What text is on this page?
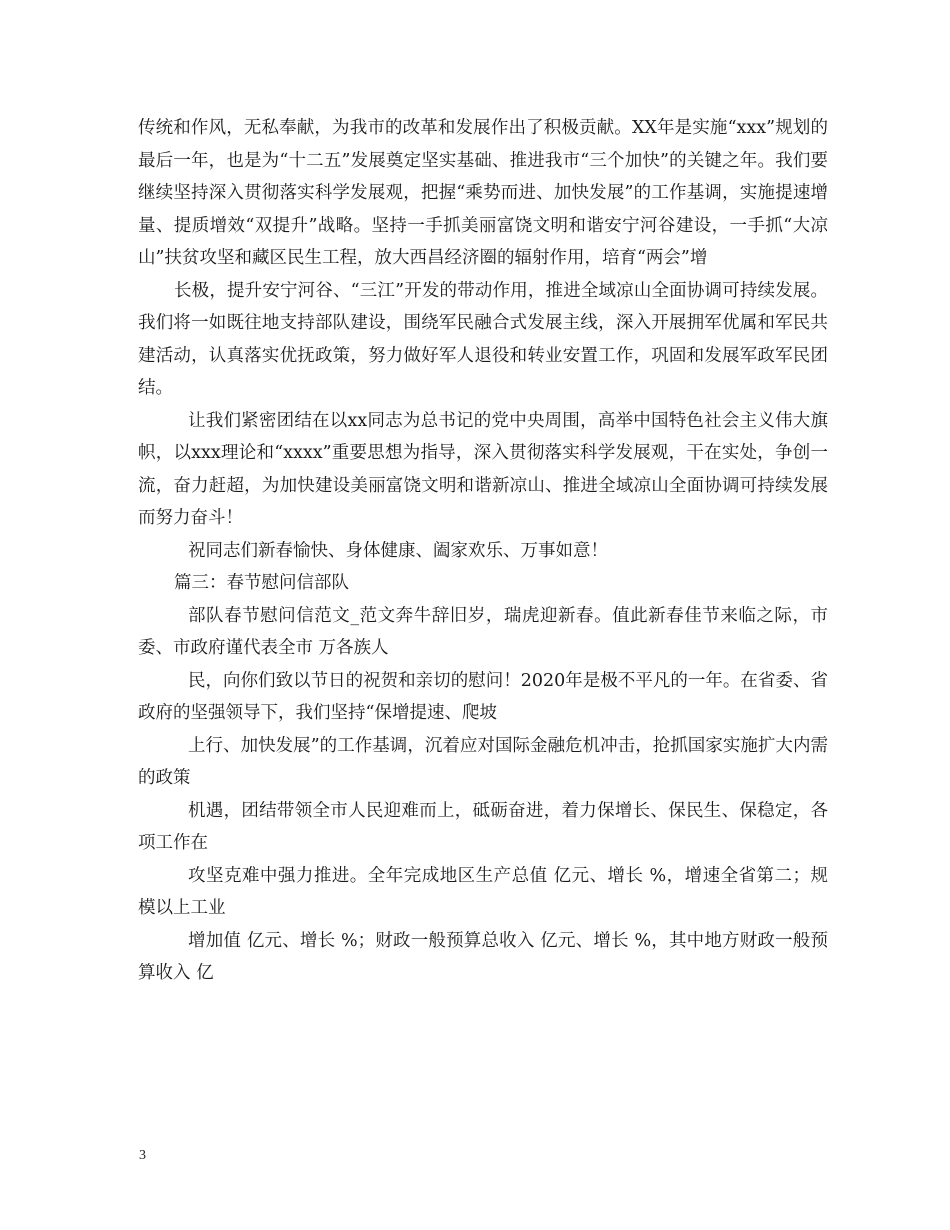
传统和作风，无私奉献，为我市的改革和发展作出了积极贡献。XX年是实施“xxx”规划的最后一年，也是为“十二五”发展奠定坚实基础、推进我市“三个加快”的关键之年。我们要继续坚持深入贯彻落实科学发展观，把握“乘势而进、加快发展”的工作基调，实施提速增量、提质增效“双提升”战略。坚持一手抓美丽富饶文明和谐安宁河谷建设，一手抓“大凉山”扶贫攻坚和藏区民生工程，放大西昌经济圈的辐射作用，培育“两会”增

长极，提升安宁河谷、“三江”开发的带动作用，推进全域凉山全面协调可持续发展。我们将一如既往地支持部队建设，围绕军民融合式发展主线，深入开展拥军优属和军民共建活动，认真落实优抚政策，努力做好军人退役和转业安置工作，巩固和发展军政军民团结。

让我们紧密团结在以xx同志为总书记的党中央周围，高举中国特色社会主义伟大旗帜，以xxx理论和“xxxx”重要思想为指导，深入贯彻落实科学发展观，干在实处，争创一流，奋力赶超，为加快建设美丽富饶文明和谐新凉山、推进全域凉山全面协调可持续发展而努力奋斗！

祝同志们新春愉快、身体健康、阖家欢乐、万事如意！

篇三：春节慰问信部队

部队春节慰问信范文_范文奔牛辞旧岁，瑞虎迎新春。值此新春佳节来临之际，市委、市政府谨代表全市 万各族人

民，向你们致以节日的祝贺和亲切的慰问！2020年是极不平凡的一年。在省委、省政府的坚强领导下，我们坚持“保增提速、爬坡

上行、加快发展”的工作基调，沉着应对国际金融危机冲击，抢抓国家实施扩大内需的政策

机遇，团结带领全市人民迎难而上，砥砺奋进，着力保增长、保民生、保稳定，各项工作在

攻坚克难中强力推进。全年完成地区生产总值 亿元、增长 %，增速全省第二；规模以上工业

增加值 亿元、增长 %；财政一般预算总收入 亿元、增长 %，其中地方财政一般预算收入 亿

3
